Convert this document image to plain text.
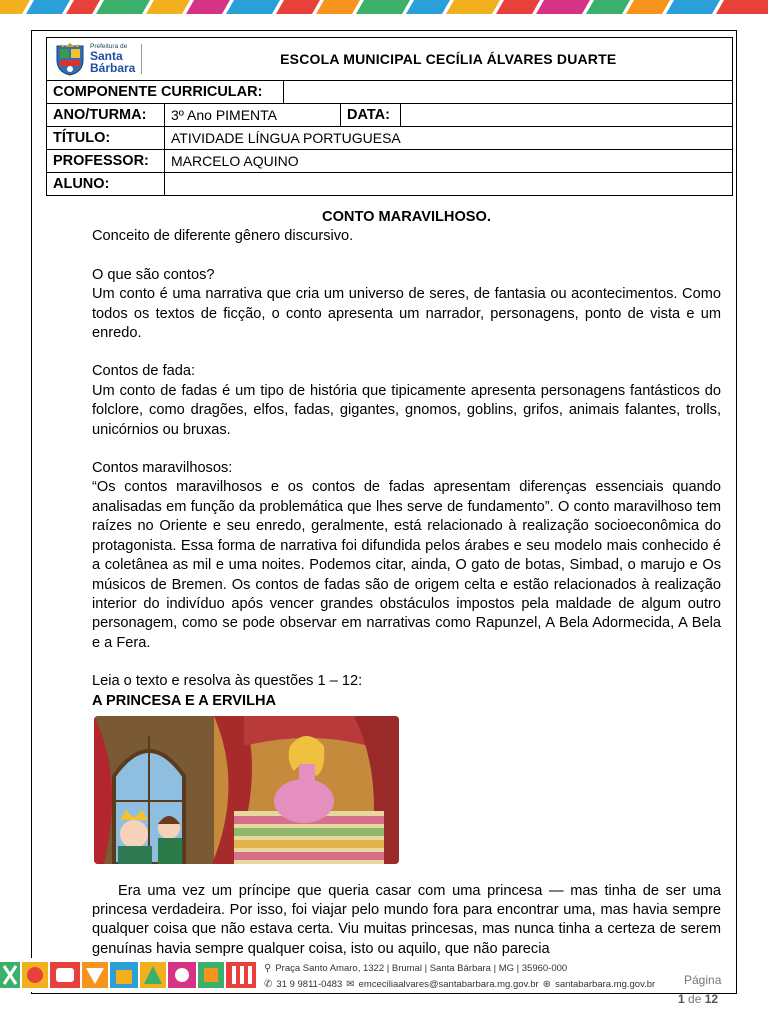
Prefeitura de
Santa
Bárbara	ESCOLA MUNICIPAL CECÍLIA ÁLVARES DUARTE			
COMPONENTE CURRICULAR:				
ANO/TURMA:	3º Ano PIMENTA		DATA:	
TÍTULO:	ATIVIDADE LÍNGUA PORTUGUESA			
PROFESSOR:	MARCELO AQUINO			
ALUNO:				

CONTO MARAVILHOSO.

Conceito de diferente gênero discursivo.

O que são contos?

Um conto é uma narrativa que cria um universo de seres, de fantasia ou acontecimentos. Como todos os textos de ficção, o conto apresenta um narrador, personagens, ponto de vista e um enredo.

Contos de fada:

Um conto de fadas é um tipo de história que tipicamente apresenta personagens fantásticos do folclore, como dragões, elfos, fadas, gigantes, gnomos, goblins, grifos, animais falantes, trolls, unicórnios ou bruxas.

Contos maravilhosos:

“Os contos maravilhosos e os contos de fadas apresentam diferenças essenciais quando analisadas em função da problemática que lhes serve de fundamento”. O conto maravilhoso tem raízes no Oriente e seu enredo, geralmente, está relacionado à realização socioeconômica do protagonista. Essa forma de narrativa foi difundida pelos árabes e seu modelo mais conhecido é a coletânea as mil e uma noites. Podemos citar, ainda, O gato de botas, Simbad, o marujo e Os músicos de Bremen. Os contos de fadas são de origem celta e estão relacionados à realização interior do indivíduo após vencer grandes obstáculos impostos pela maldade de algum outro personagem, como se pode observar em narrativas como Rapunzel, A Bela Adormecida, A Bela e a Fera.

Leia o texto e resolva às questões 1 – 12:

A PRINCESA E A ERVILHA

Era uma vez um príncipe que queria casar com uma princesa — mas tinha de ser uma princesa verdadeira. Por isso, foi viajar pelo mundo fora para encontrar uma, mas havia sempre qualquer coisa que não estava certa. Viu muitas princesas, mas nunca tinha a certeza de serem genuínas havia sempre qualquer coisa, isto ou aquilo, que não parecia

⚲ Praça Santo Amaro, 1322 | Brumal | Santa Bárbara | MG | 35960-000
✆ 31 9 9811-0483 ✉ emceciliaalvares@santabarbara.mg.gov.br ⊕ santabarbara.mg.gov.br Página
1 de 12
